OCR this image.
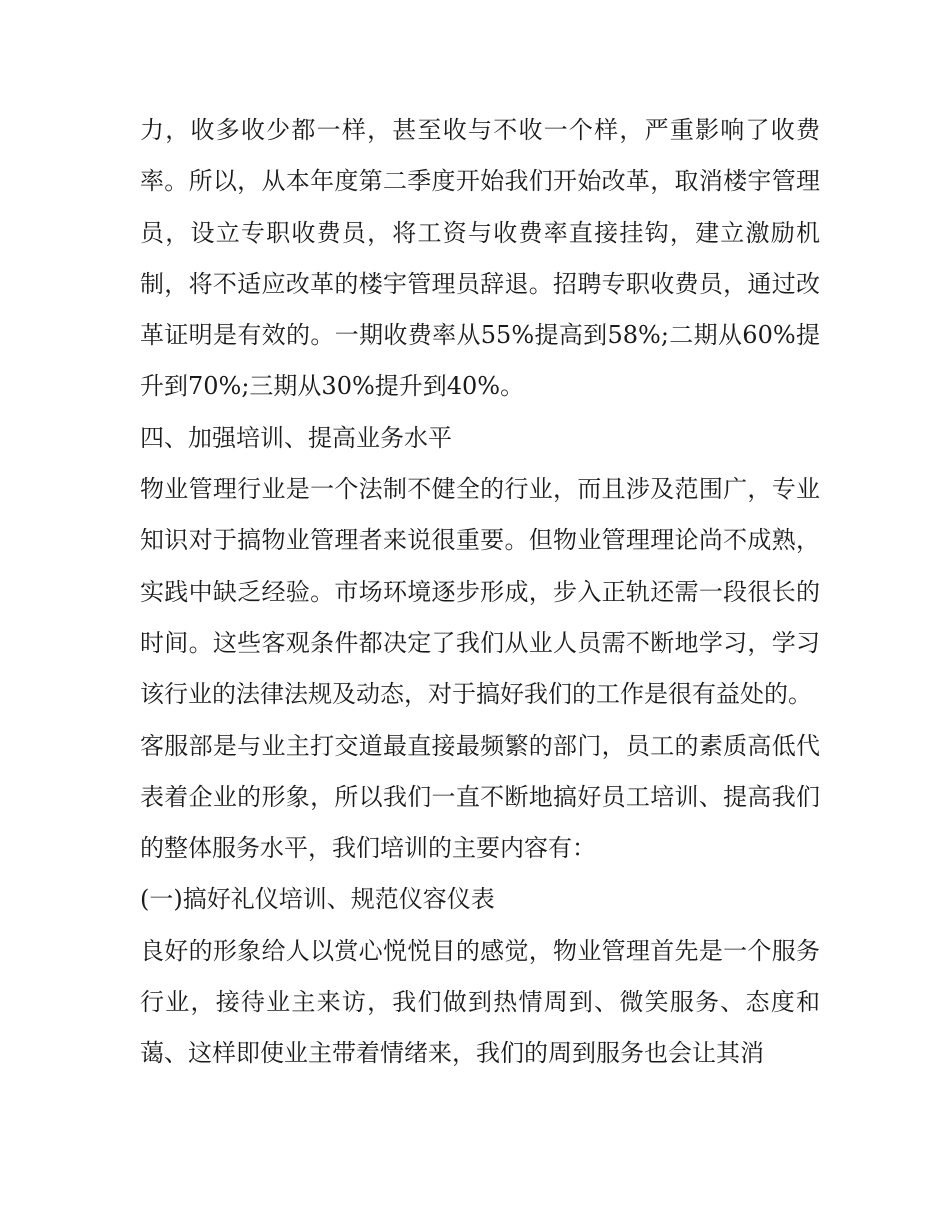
力，收多收少都一样，甚至收与不收一个样，严重影响了收费率。所以，从本年度第二季度开始我们开始改革，取消楼宇管理员，设立专职收费员，将工资与收费率直接挂钩，建立激励机制，将不适应改革的楼宇管理员辞退。招聘专职收费员，通过改革证明是有效的。一期收费率从55%提高到58%;二期从60%提升到70%;三期从30%提升到40%。

四、加强培训、提高业务水平

物业管理行业是一个法制不健全的行业，而且涉及范围广，专业知识对于搞物业管理者来说很重要。但物业管理理论尚不成熟，实践中缺乏经验。市场环境逐步形成，步入正轨还需一段很长的时间。这些客观条件都决定了我们从业人员需不断地学习，学习该行业的法律法规及动态，对于搞好我们的工作是很有益处的。

客服部是与业主打交道最直接最频繁的部门，员工的素质高低代表着企业的形象，所以我们一直不断地搞好员工培训、提高我们的整体服务水平，我们培训的主要内容有：

(一)搞好礼仪培训、规范仪容仪表

良好的形象给人以赏心悦悦目的感觉，物业管理首先是一个服务行业，接待业主来访，我们做到热情周到、微笑服务、态度和蔼、这样即使业主带着情绪来，我们的周到服务也会让其消
